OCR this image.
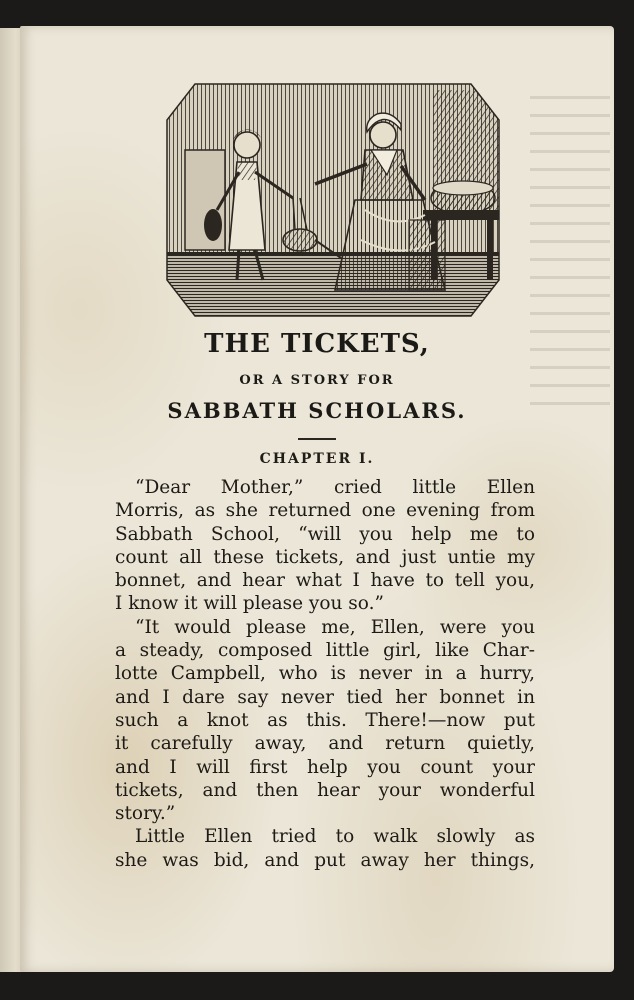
THE TICKETS,
OR A STORY FOR
SABBATH SCHOLARS.
CHAPTER I.
“Dear Mother,” cried little Ellen
Morris, as she returned one evening from
Sabbath School, “will you help me to
count all these tickets, and just untie my
bonnet, and hear what I have to tell you,
I know it will please you so.”
“It would please me, Ellen, were you
a steady, composed little girl, like Char-
lotte Campbell, who is never in a hurry,
and I dare say never tied her bonnet in
such a knot as this. There!—now put
it carefully away, and return quietly,
and I will first help you count your
tickets, and then hear your wonderful
story.”
Little Ellen tried to walk slowly as
she was bid, and put away her things,
